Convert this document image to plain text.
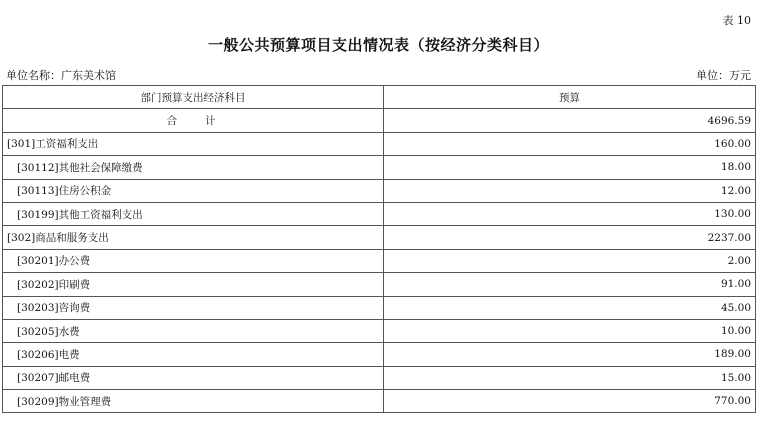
表 10
一般公共预算项目支出情况表（按经济分类科目）
单位名称：广东美术馆	单位：万元
部门预算支出经济科目	预算
合计	4696.59
[301]工资福利支出	160.00
[30112]其他社会保障缴费	18.00
[30113]住房公积金	12.00
[30199]其他工资福利支出	130.00
[302]商品和服务支出	2237.00
[30201]办公费	2.00
[30202]印刷费	91.00
[30203]咨询费	45.00
[30205]水费	10.00
[30206]电费	189.00
[30207]邮电费	15.00
[30209]物业管理费	770.00
